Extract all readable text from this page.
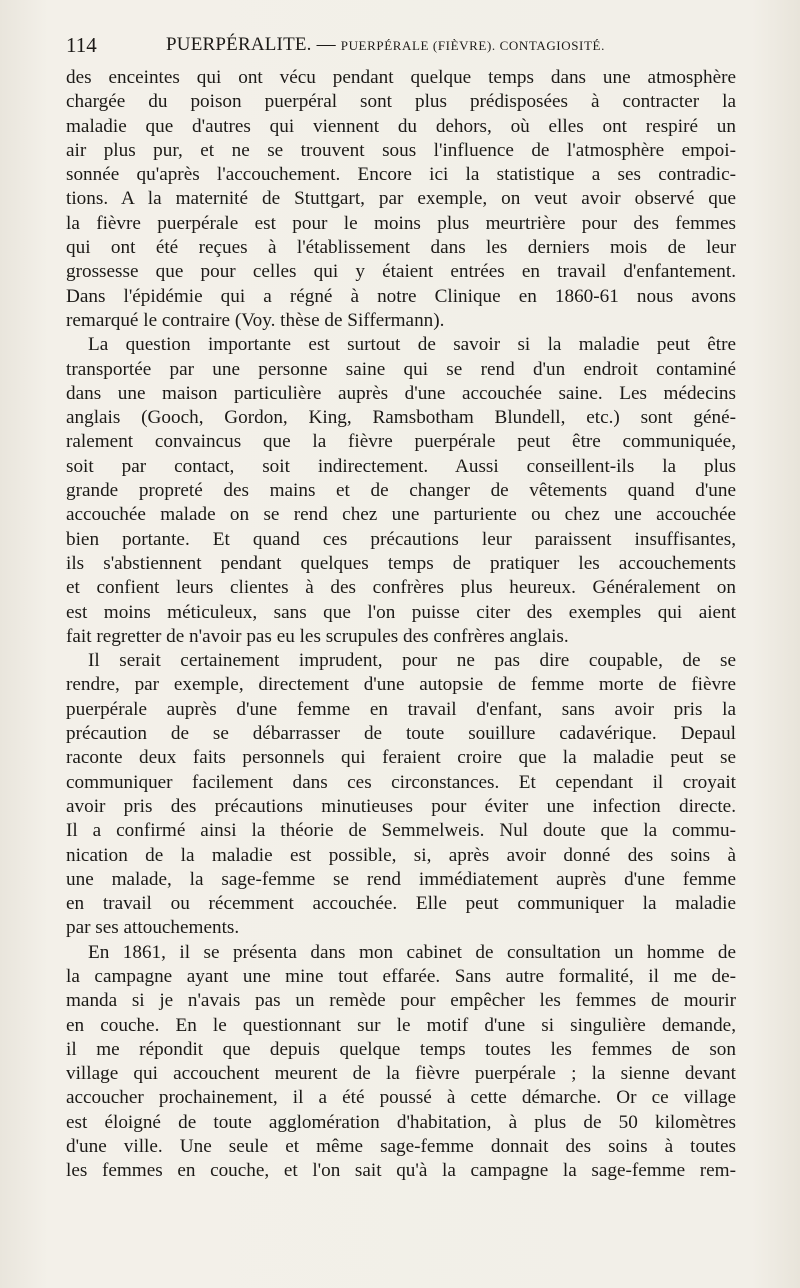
114	PUERPÉRALITE. — PUERPÉRALE (FIÈVRE). CONTAGIOSITÉ.
des enceintes qui ont vécu pendant quelque temps dans une atmosphère
chargée du poison puerpéral sont plus prédisposées à contracter la
maladie que d'autres qui viennent du dehors, où elles ont respiré un
air plus pur, et ne se trouvent sous l'influence de l'atmosphère empoi-
sonnée qu'après l'accouchement. Encore ici la statistique a ses contradic-
tions. A la maternité de Stuttgart, par exemple, on veut avoir observé que
la fièvre puerpérale est pour le moins plus meurtrière pour des femmes
qui ont été reçues à l'établissement dans les derniers mois de leur
grossesse que pour celles qui y étaient entrées en travail d'enfantement.
Dans l'épidémie qui a régné à notre Clinique en 1860-61 nous avons
remarqué le contraire (Voy. thèse de Siffermann).
La question importante est surtout de savoir si la maladie peut être
transportée par une personne saine qui se rend d'un endroit contaminé
dans une maison particulière auprès d'une accouchée saine. Les médecins
anglais (Gooch, Gordon, King, Ramsbotham Blundell, etc.) sont géné-
ralement convaincus que la fièvre puerpérale peut être communiquée,
soit par contact, soit indirectement. Aussi conseillent-ils la plus
grande propreté des mains et de changer de vêtements quand d'une
accouchée malade on se rend chez une parturiente ou chez une accouchée
bien portante. Et quand ces précautions leur paraissent insuffisantes,
ils s'abstiennent pendant quelques temps de pratiquer les accouchements
et confient leurs clientes à des confrères plus heureux. Généralement on
est moins méticuleux, sans que l'on puisse citer des exemples qui aient
fait regretter de n'avoir pas eu les scrupules des confrères anglais.
Il serait certainement imprudent, pour ne pas dire coupable, de se
rendre, par exemple, directement d'une autopsie de femme morte de fièvre
puerpérale auprès d'une femme en travail d'enfant, sans avoir pris la
précaution de se débarrasser de toute souillure cadavérique. Depaul
raconte deux faits personnels qui feraient croire que la maladie peut se
communiquer facilement dans ces circonstances. Et cependant il croyait
avoir pris des précautions minutieuses pour éviter une infection directe.
Il a confirmé ainsi la théorie de Semmelweis. Nul doute que la commu-
nication de la maladie est possible, si, après avoir donné des soins à
une malade, la sage-femme se rend immédiatement auprès d'une femme
en travail ou récemment accouchée. Elle peut communiquer la maladie
par ses attouchements.
En 1861, il se présenta dans mon cabinet de consultation un homme de
la campagne ayant une mine tout effarée. Sans autre formalité, il me de-
manda si je n'avais pas un remède pour empêcher les femmes de mourir
en couche. En le questionnant sur le motif d'une si singulière demande,
il me répondit que depuis quelque temps toutes les femmes de son
village qui accouchent meurent de la fièvre puerpérale ; la sienne devant
accoucher prochainement, il a été poussé à cette démarche. Or ce village
est éloigné de toute agglomération d'habitation, à plus de 50 kilomètres
d'une ville. Une seule et même sage-femme donnait des soins à toutes
les femmes en couche, et l'on sait qu'à la campagne la sage-femme rem-
